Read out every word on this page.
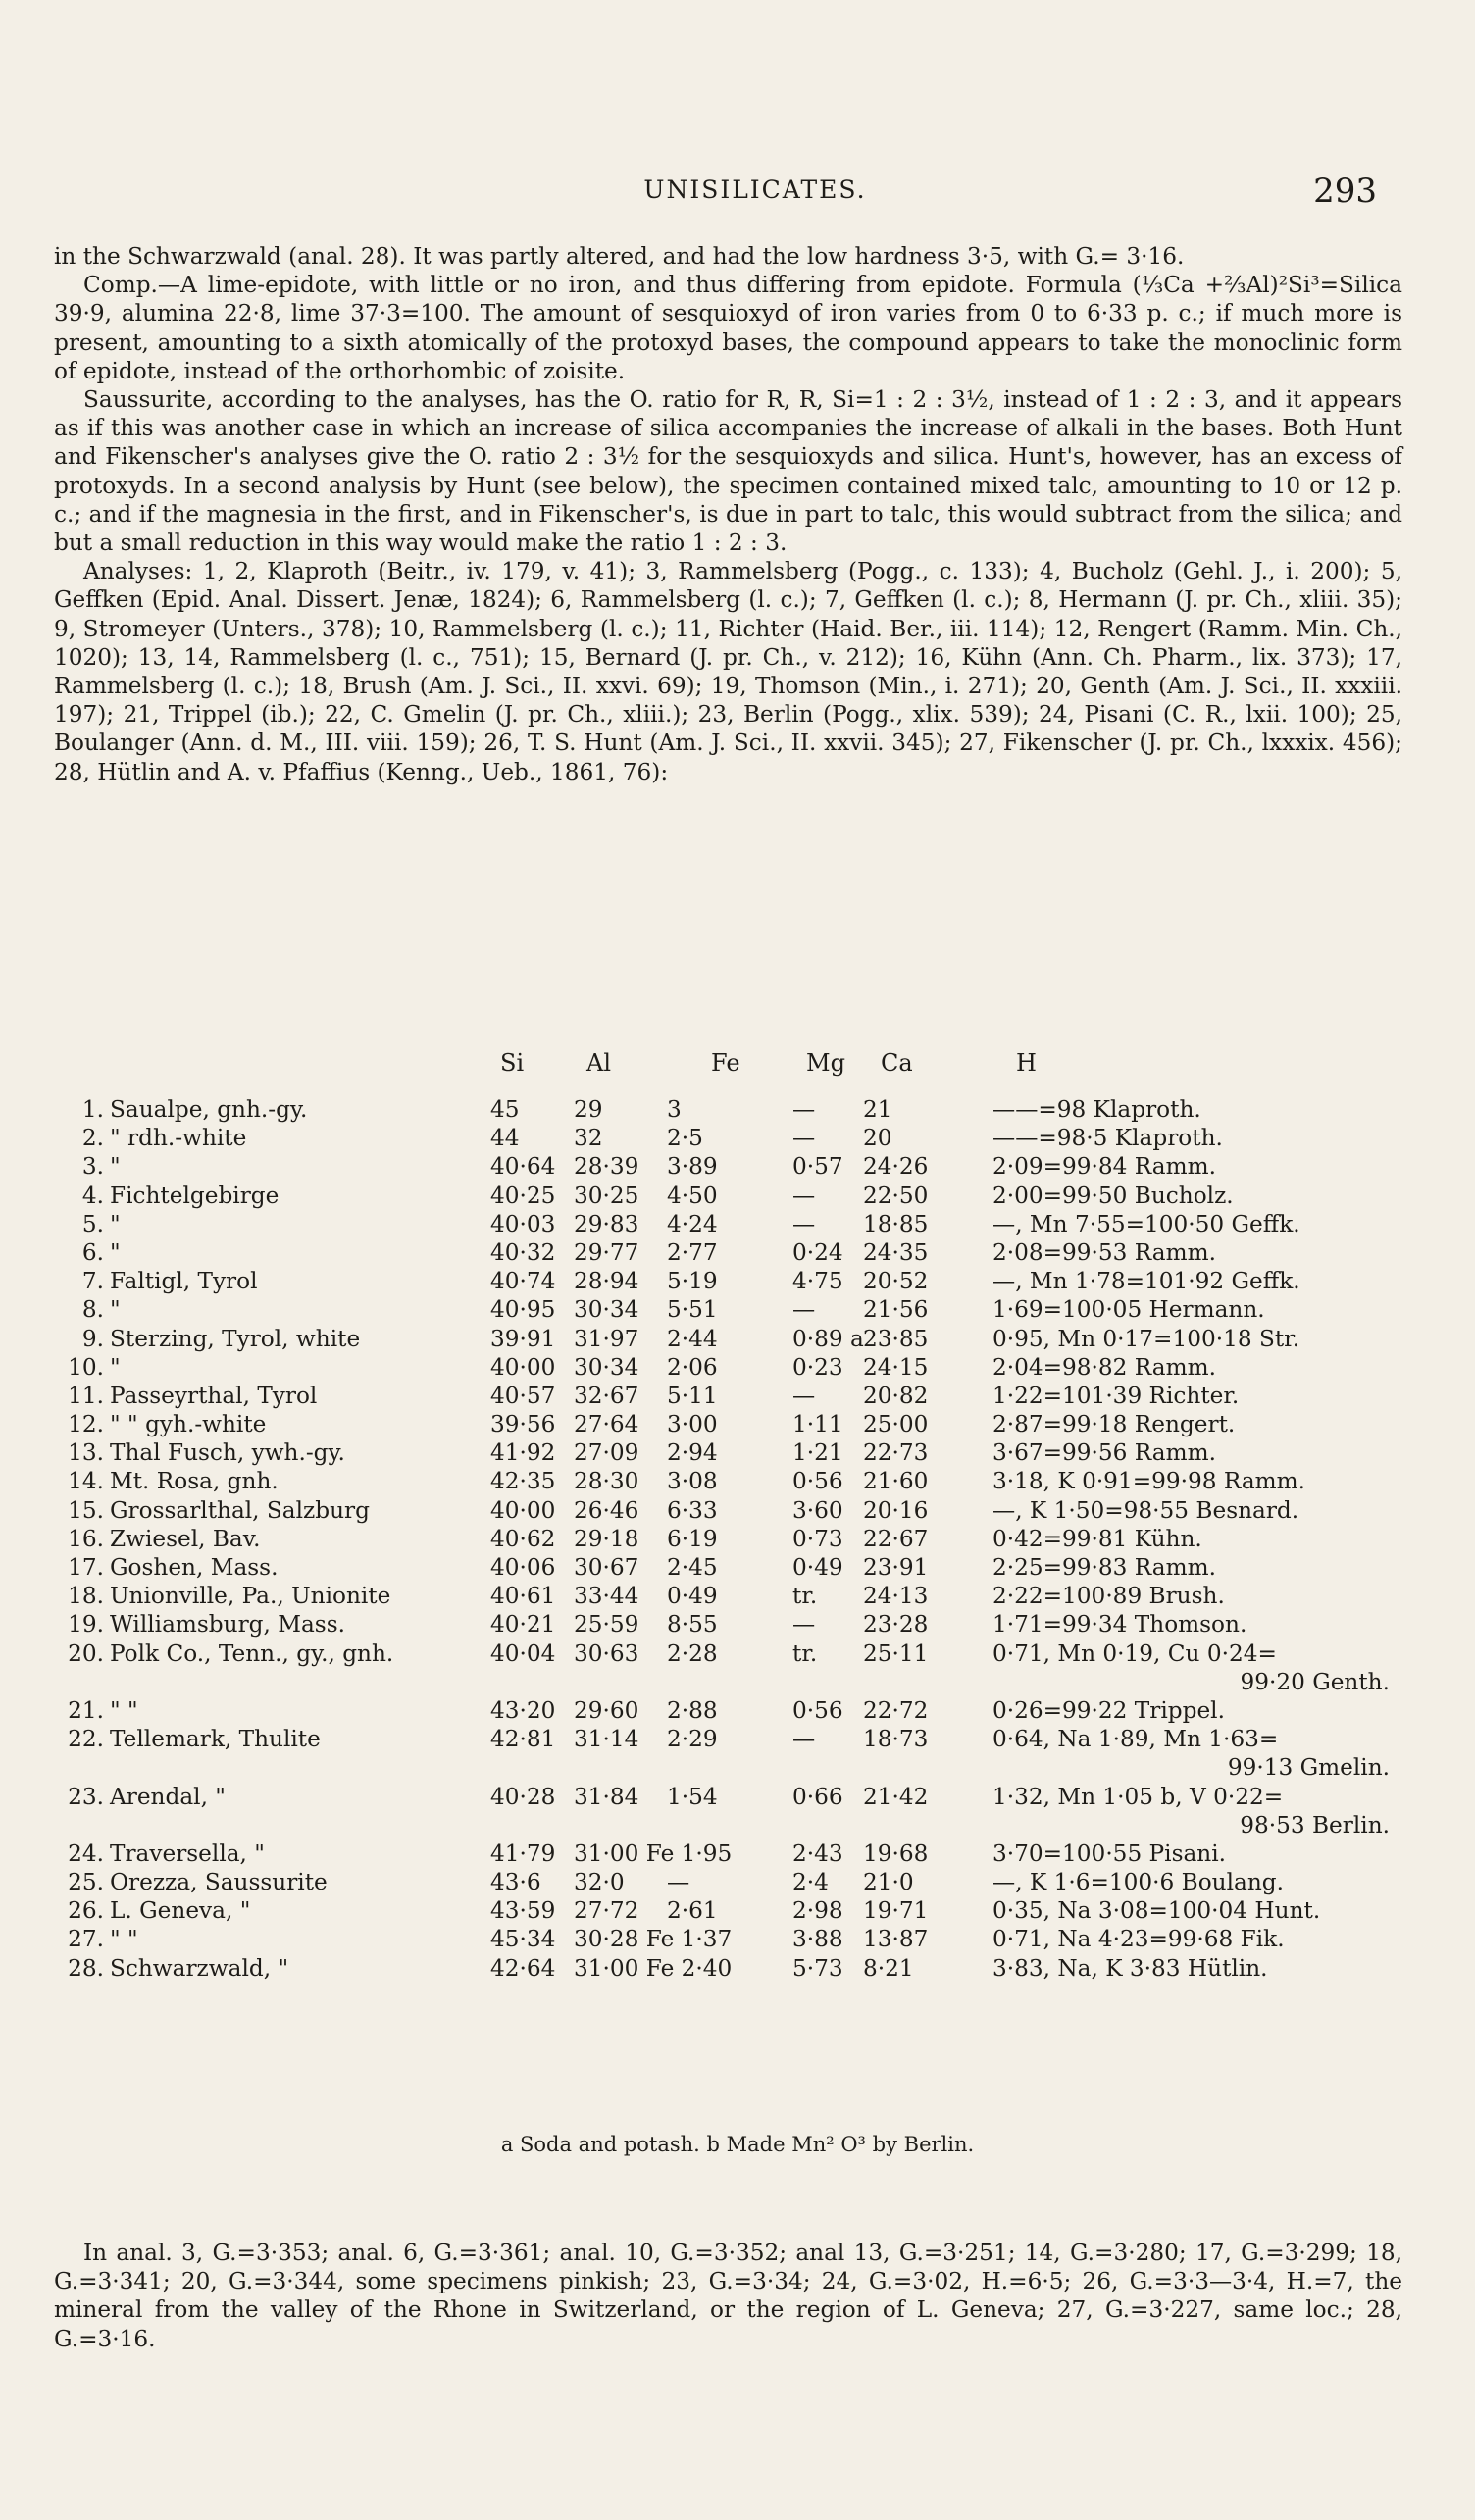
UNISILICATES.	293

in the Schwarzwald (anal. 28). It was partly altered, and had the low hardness 3·5, with G.= 3·16.

Comp.—A lime-epidote, with little or no iron, and thus differing from epidote. Formula (⅓Ca +⅔Al)²Si³=Silica 39·9, alumina 22·8, lime 37·3=100. The amount of sesquioxyd of iron varies from 0 to 6·33 p. c.; if much more is present, amounting to a sixth atomically of the protoxyd bases, the compound appears to take the monoclinic form of epidote, instead of the orthorhombic of zoisite.

Saussurite, according to the analyses, has the O. ratio for R, R, Si=1 : 2 : 3½, instead of 1 : 2 : 3, and it appears as if this was another case in which an increase of silica accompanies the increase of alkali in the bases. Both Hunt and Fikenscher's analyses give the O. ratio 2 : 3½ for the sesquioxyds and silica. Hunt's, however, has an excess of protoxyds. In a second analysis by Hunt (see below), the specimen contained mixed talc, amounting to 10 or 12 p. c.; and if the magnesia in the first, and in Fikenscher's, is due in part to talc, this would subtract from the silica; and but a small reduction in this way would make the ratio 1 : 2 : 3.

Analyses: 1, 2, Klaproth (Beitr., iv. 179, v. 41); 3, Rammelsberg (Pogg., c. 133); 4, Bucholz (Gehl. J., i. 200); 5, Geffken (Epid. Anal. Dissert. Jenæ, 1824); 6, Rammelsberg (l. c.); 7, Geffken (l. c.); 8, Hermann (J. pr. Ch., xliii. 35); 9, Stromeyer (Unters., 378); 10, Rammelsberg (l. c.); 11, Richter (Haid. Ber., iii. 114); 12, Rengert (Ramm. Min. Ch., 1020); 13, 14, Rammelsberg (l. c., 751); 15, Bernard (J. pr. Ch., v. 212); 16, Kühn (Ann. Ch. Pharm., lix. 373); 17, Rammelsberg (l. c.); 18, Brush (Am. J. Sci., II. xxvi. 69); 19, Thomson (Min., i. 271); 20, Genth (Am. J. Sci., II. xxxiii. 197); 21, Trippel (ib.); 22, C. Gmelin (J. pr. Ch., xliii.); 23, Berlin (Pogg., xlix. 539); 24, Pisani (C. R., lxii. 100); 25, Boulanger (Ann. d. M., III. viii. 159); 26, T. S. Hunt (Am. J. Sci., II. xxvii. 345); 27, Fikenscher (J. pr. Ch., lxxxix. 456); 28, Hütlin and A. v. Pfaffius (Kenng., Ueb., 1861, 76):

Si	Al	Fe	Mg Ca	H
1. Saualpe, gnh.-gy.	45 29	3	— 21	——=98 Klaproth.
2. " rdh.-white	44 32	2·5	— 20	——=98·5 Klaproth.
3. "	40·64 28·39 3·89	0·57 24·26	2·09=99·84 Ramm.
4. Fichtelgebirge	40·25 30·25 4·50	— 22·50	2·00=99·50 Bucholz.
5. "	40·03 29·83 4·24	— 18·85	—, Mn 7·55=100·50 Geffk.
6. "	40·32 29·77 2·77	0·24 24·35	2·08=99·53 Ramm.
7. Faltigl, Tyrol	40·74 28·94 5·19	4·75 20·52	—, Mn 1·78=101·92 Geffk.
8. "	40·95 30·34 5·51	— 21·56	1·69=100·05 Hermann.
9. Sterzing, Tyrol, white	39·91 31·97 2·44	0·89 a 23·85	0·95, Mn 0·17=100·18 Str.
10. "	40·00 30·34 2·06	0·23 24·15	2·04=98·82 Ramm.
11. Passeyrthal, Tyrol	40·57 32·67 5·11	— 20·82	1·22=101·39 Richter.
12. " " gyh.-white	39·56 27·64 3·00	1·11 25·00	2·87=99·18 Rengert.
13. Thal Fusch, ywh.-gy.	41·92 27·09 2·94	1·21 22·73	3·67=99·56 Ramm.
14. Mt. Rosa, gnh.	42·35 28·30 3·08	0·56 21·60	3·18, K 0·91=99·98 Ramm.
15. Grossarlthal, Salzburg	40·00 26·46 6·33	3·60 20·16	—, K 1·50=98·55 Besnard.
16. Zwiesel, Bav.	40·62 29·18 6·19	0·73 22·67	0·42=99·81 Kühn.
17. Goshen, Mass.	40·06 30·67 2·45	0·49 23·91	2·25=99·83 Ramm.
18. Unionville, Pa., Unionite	40·61 33·44 0·49	tr. 24·13	2·22=100·89 Brush.
19. Williamsburg, Mass.	40·21 25·59 8·55	— 23·28	1·71=99·34 Thomson.
20. Polk Co., Tenn., gy., gnh.	40·04 30·63 2·28	tr. 25·11	0·71, Mn 0·19, Cu 0·24=
99·20 Genth.
21. " "	43·20 29·60 2·88	0·56 22·72	0·26=99·22 Trippel.
22. Tellemark, Thulite	42·81 31·14 2·29	— 18·73	0·64, Na 1·89, Mn 1·63=
99·13 Gmelin.
23. Arendal, "	40·28 31·84 1·54	0·66 21·42	1·32, Mn 1·05 b, V 0·22=
98·53 Berlin.
24. Traversella, "	41·79 31·00 Fe 1·95	2·43 19·68	3·70=100·55 Pisani.
25. Orezza, Saussurite	43·6 32·0 —	2·4 21·0	—, K 1·6=100·6 Boulang.
26. L. Geneva, "	43·59 27·72 2·61	2·98 19·71	0·35, Na 3·08=100·04 Hunt.
27. " "	45·34 30·28 Fe 1·37	3·88 13·87	0·71, Na 4·23=99·68 Fik.
28. Schwarzwald, "	42·64 31·00 Fe 2·40	5·73 8·21	3·83, Na, K 3·83 Hütlin.
a Soda and potash. b Made Mn² O³ by Berlin.

In anal. 3, G.=3·353; anal. 6, G.=3·361; anal. 10, G.=3·352; anal 13, G.=3·251; 14, G.=3·280; 17, G.=3·299; 18, G.=3·341; 20, G.=3·344, some specimens pinkish; 23, G.=3·34; 24, G.=3·02, H.=6·5; 26, G.=3·3—3·4, H.=7, the mineral from the valley of the Rhone in Switzerland, or the region of L. Geneva; 27, G.=3·227, same loc.; 28, G.=3·16.
